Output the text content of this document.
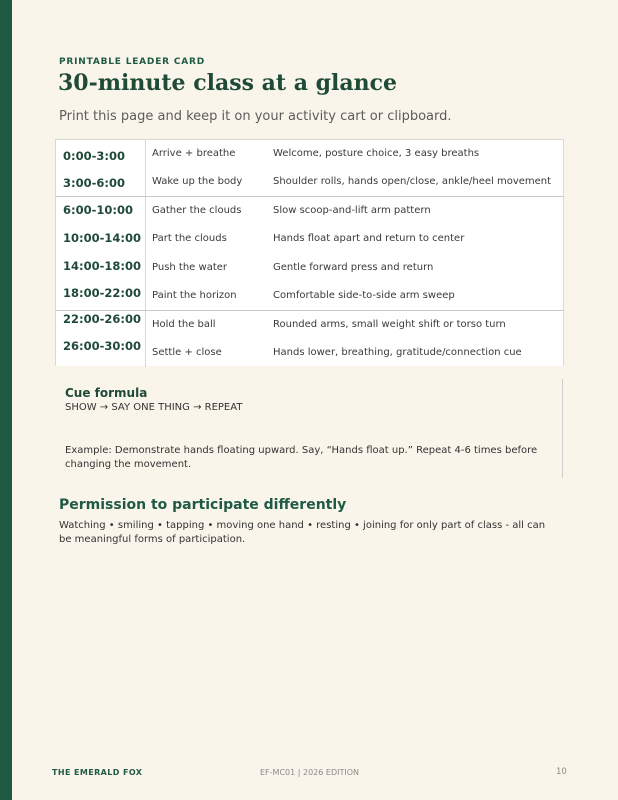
PRINTABLE LEADER CARD
30-minute class at a glance
Print this page and keep it on your activity cart or clipboard.
0:00-3:00	Arrive + breathe	Welcome, posture choice, 3 easy breaths
3:00-6:00	Wake up the body	Shoulder rolls, hands open/close, ankle/heel movement
6:00-10:00 Gather the clouds	Slow scoop-and-lift arm pattern
10:00-14:00 Part the clouds	Hands float apart and return to center
14:00-18:00 Push the water	Gentle forward press and return
18:00-22:00 Paint the horizon	Comfortable side-to-side arm sweep
22:00-26:00 Hold the ball	Rounded arms, small weight shift or torso turn
26:00-30:00 Settle + close	Hands lower, breathing, gratitude/connection cue
Cue formula
SHOW → SAY ONE THING → REPEAT
Example: Demonstrate hands floating upward. Say, “Hands float up.” Repeat 4-6 times before changing the movement.
Permission to participate differently
Watching • smiling • tapping • moving one hand • resting • joining for only part of class - all can be meaningful forms of participation.
THE EMERALD FOX	EF-MC01 | 2026 EDITION	10
